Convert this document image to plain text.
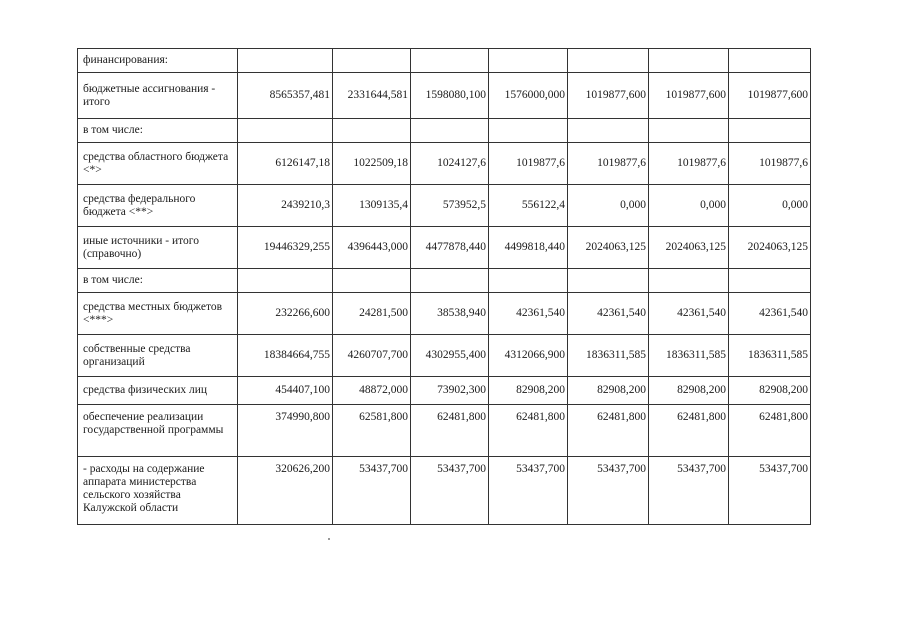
финансирования:							
бюджетные ассигнования - итого	8565357,481	2331644,581	1598080,100	1576000,000	1019877,600	1019877,600	1019877,600
в том числе:							
средства областного бюджета <*>	6126147,18	1022509,18	1024127,6	1019877,6	1019877,6	1019877,6	1019877,6
средства федерального бюджета <**>	2439210,3	1309135,4	573952,5	556122,4	0,000	0,000	0,000
иные источники - итого (справочно)	19446329,255	4396443,000	4477878,440	4499818,440	2024063,125	2024063,125	2024063,125
в том числе:							
средства местных бюджетов <***>	232266,600	24281,500	38538,940	42361,540	42361,540	42361,540	42361,540
собственные средства организаций	18384664,755	4260707,700	4302955,400	4312066,900	1836311,585	1836311,585	1836311,585
средства физических лиц	454407,100	48872,000	73902,300	82908,200	82908,200	82908,200	82908,200
обеспечение реализации государственной программы	374990,800	62581,800	62481,800	62481,800	62481,800	62481,800	62481,800
- расходы на содержание аппарата министерства сельского хозяйства Калужской области	320626,200	53437,700	53437,700	53437,700	53437,700	53437,700	53437,700
